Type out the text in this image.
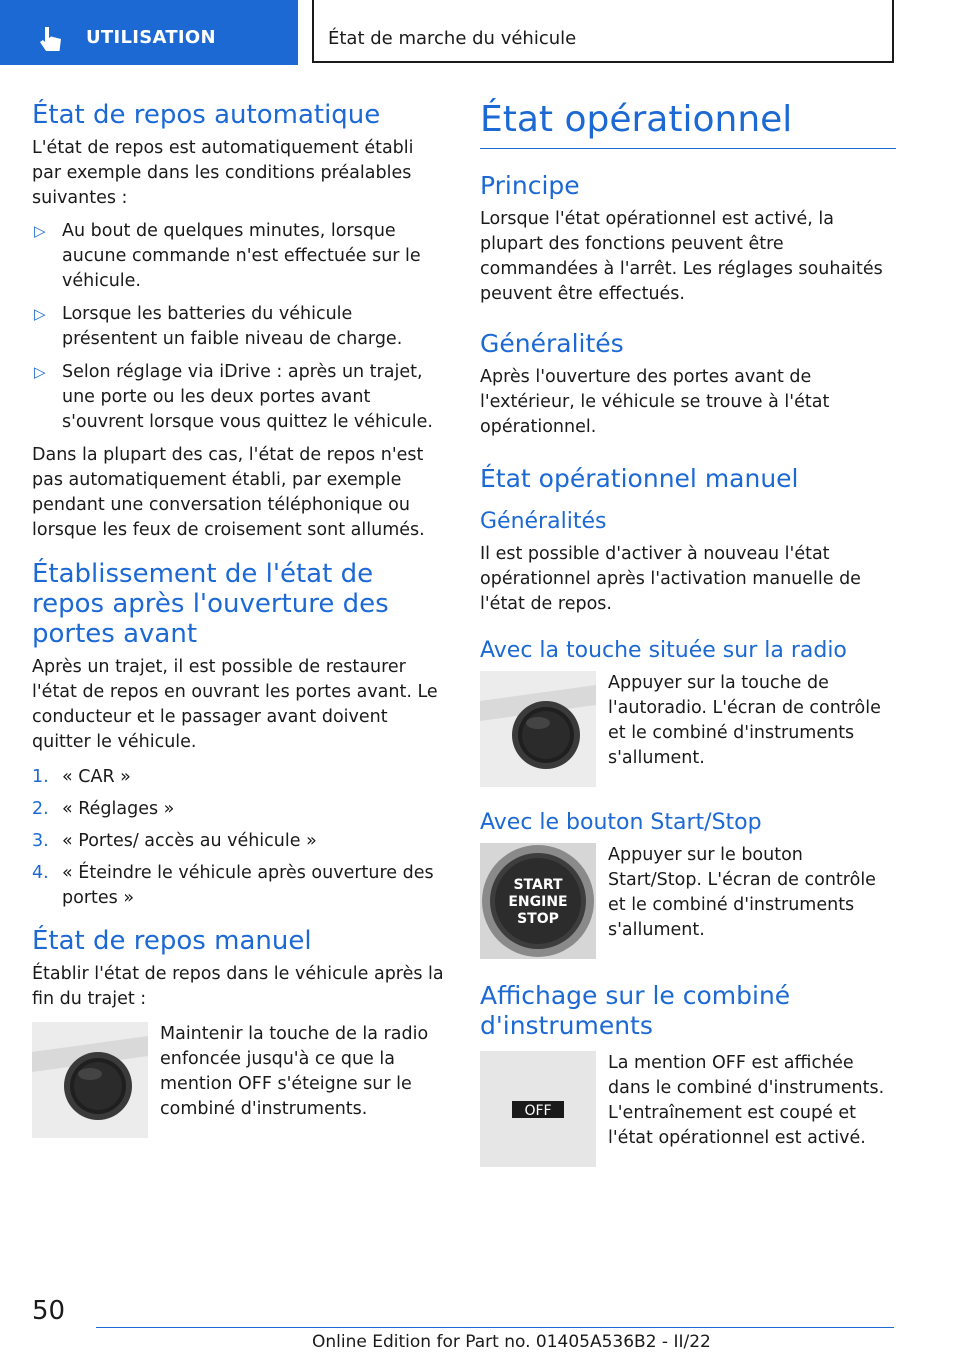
UTILISATION	État de marche du véhicule
État de repos automatique

L'état de repos est automatiquement établi par exemple dans les conditions préalables suivantes :

▷ Au bout de quelques minutes, lorsque aucune commande n'est effectuée sur le véhicule.
▷ Lorsque les batteries du véhicule présentent un faible niveau de charge.
▷ Selon réglage via iDrive : après un trajet, une porte ou les deux portes avant s'ouvrent lorsque vous quittez le véhicule.

Dans la plupart des cas, l'état de repos n'est pas automatiquement établi, par exemple pendant une conversation téléphonique ou lorsque les feux de croisement sont allumés.

Établissement de l'état de repos après l'ouverture des portes avant

Après un trajet, il est possible de restaurer l'état de repos en ouvrant les portes avant. Le conducteur et le passager avant doivent quitter le véhicule.

1. « CAR »
2. « Réglages »
3. « Portes/ accès au véhicule »
4. « Éteindre le véhicule après ouverture des portes »
État de repos manuel

Établir l'état de repos dans le véhicule après la fin du trajet :

Maintenir la touche de la radio enfoncée jusqu'à ce que la mention OFF s'éteigne sur le combiné d'instruments.

État opérationnel
Principe

Lorsque l'état opérationnel est activé, la plupart des fonctions peuvent être commandées à l'arrêt. Les réglages souhaités peuvent être effectués.

Généralités

Après l'ouverture des portes avant de l'extérieur, le véhicule se trouve à l'état opérationnel.

État opérationnel manuel
Généralités

Il est possible d'activer à nouveau l'état opérationnel après l'activation manuelle de l'état de repos.

Avec la touche située sur la radio

Appuyer sur la touche de l'autoradio. L'écran de contrôle et le combiné d'instruments s'allument.

Avec le bouton Start/Stop
START
ENGINE
STOP

Appuyer sur le bouton Start/Stop. L'écran de contrôle et le combiné d'instruments s'allument.

Affichage sur le combiné d'instruments
OFF

La mention OFF est affichée dans le combiné d'instruments. L'entraînement est coupé et l'état opérationnel est activé.

50
Online Edition for Part no. 01405A536B2 - II/22
